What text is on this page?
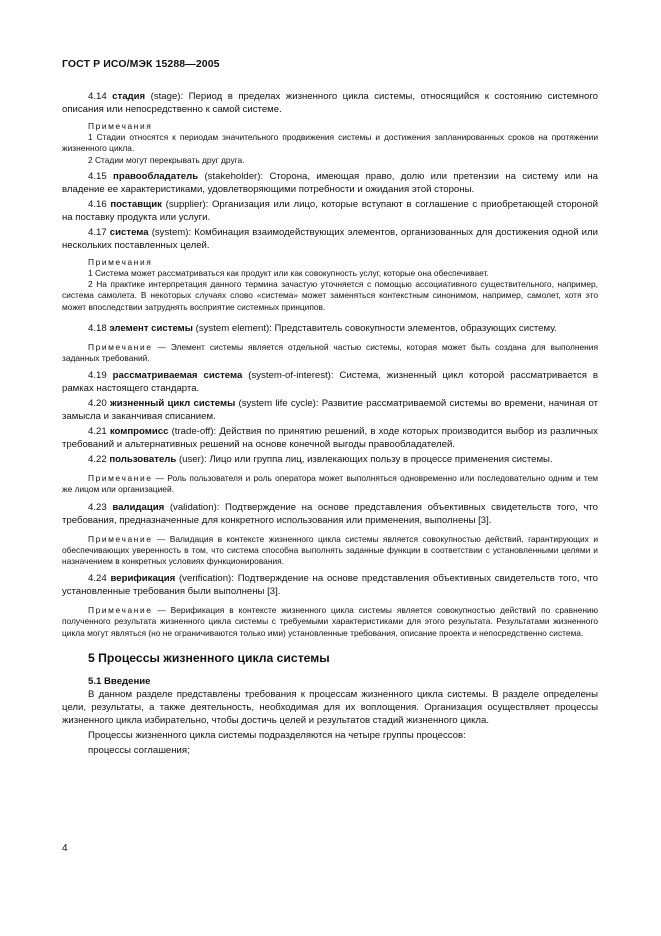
ГОСТ Р ИСО/МЭК 15288—2005

4.14 стадия (stage): Период в пределах жизненного цикла системы, относящийся к состоянию системного описания или непосредственно к самой системе.

Примечания

1 Стадии относятся к периодам значительного продвижения системы и достижения запланированных сроков на протяжении жизненного цикла.

2 Стадии могут перекрывать друг друга.

4.15 правообладатель (stakeholder): Сторона, имеющая право, долю или претензии на систему или на владение ее характеристиками, удовлетворяющими потребности и ожидания этой стороны.

4.16 поставщик (supplier): Организация или лицо, которые вступают в соглашение с приобретающей стороной на поставку продукта или услуги.

4.17 система (system): Комбинация взаимодействующих элементов, организованных для достижения одной или нескольких поставленных целей.

Примечания

1 Система может рассматриваться как продукт или как совокупность услуг, которые она обеспечивает.

2 На практике интерпретация данного термина зачастую уточняется с помощью ассоциативного существительного, например, система самолета. В некоторых случаях слово «система» может заменяться контекстным синонимом, например, самолет, хотя это может впоследствии затруднять восприятие системных принципов.

4.18 элемент системы (system element): Представитель совокупности элементов, образующих систему.

Примечание — Элемент системы является отдельной частью системы, которая может быть создана для выполнения заданных требований.

4.19 рассматриваемая система (system-of-interest): Система, жизненный цикл которой рассматривается в рамках настоящего стандарта.

4.20 жизненный цикл системы (system life cycle): Развитие рассматриваемой системы во времени, начиная от замысла и заканчивая списанием.

4.21 компромисс (trade-off): Действия по принятию решений, в ходе которых производится выбор из различных требований и альтернативных решений на основе конечной выгоды правообладателей.

4.22 пользователь (user): Лицо или группа лиц, извлекающих пользу в процессе применения системы.

Примечание — Роль пользователя и роль оператора может выполняться одновременно или последовательно одним и тем же лицом или организацией.

4.23 валидация (validation): Подтверждение на основе представления объективных свидетельств того, что требования, предназначенные для конкретного использования или применения, выполнены [3].

Примечание — Валидация в контексте жизненного цикла системы является совокупностью действий, гарантирующих и обеспечивающих уверенность в том, что система способна выполнять заданные функции в соответствии с установленными целями и назначением в конкретных условиях функционирования.

4.24 верификация (verification): Подтверждение на основе представления объективных свидетельств того, что установленные требования были выполнены [3].

Примечание — Верификация в контексте жизненного цикла системы является совокупностью действий по сравнению полученного результата жизненного цикла системы с требуемыми характеристиками для этого результата. Результатами жизненного цикла могут являться (но не ограничиваются только ими) установленные требования, описание проекта и непосредственно система.

5 Процессы жизненного цикла системы

5.1 Введение

В данном разделе представлены требования к процессам жизненного цикла системы. В разделе определены цели, результаты, а также деятельность, необходимая для их воплощения. Организация осуществляет процессы жизненного цикла избирательно, чтобы достичь целей и результатов стадий жизненного цикла.

Процессы жизненного цикла системы подразделяются на четыре группы процессов:

процессы соглашения;

4
